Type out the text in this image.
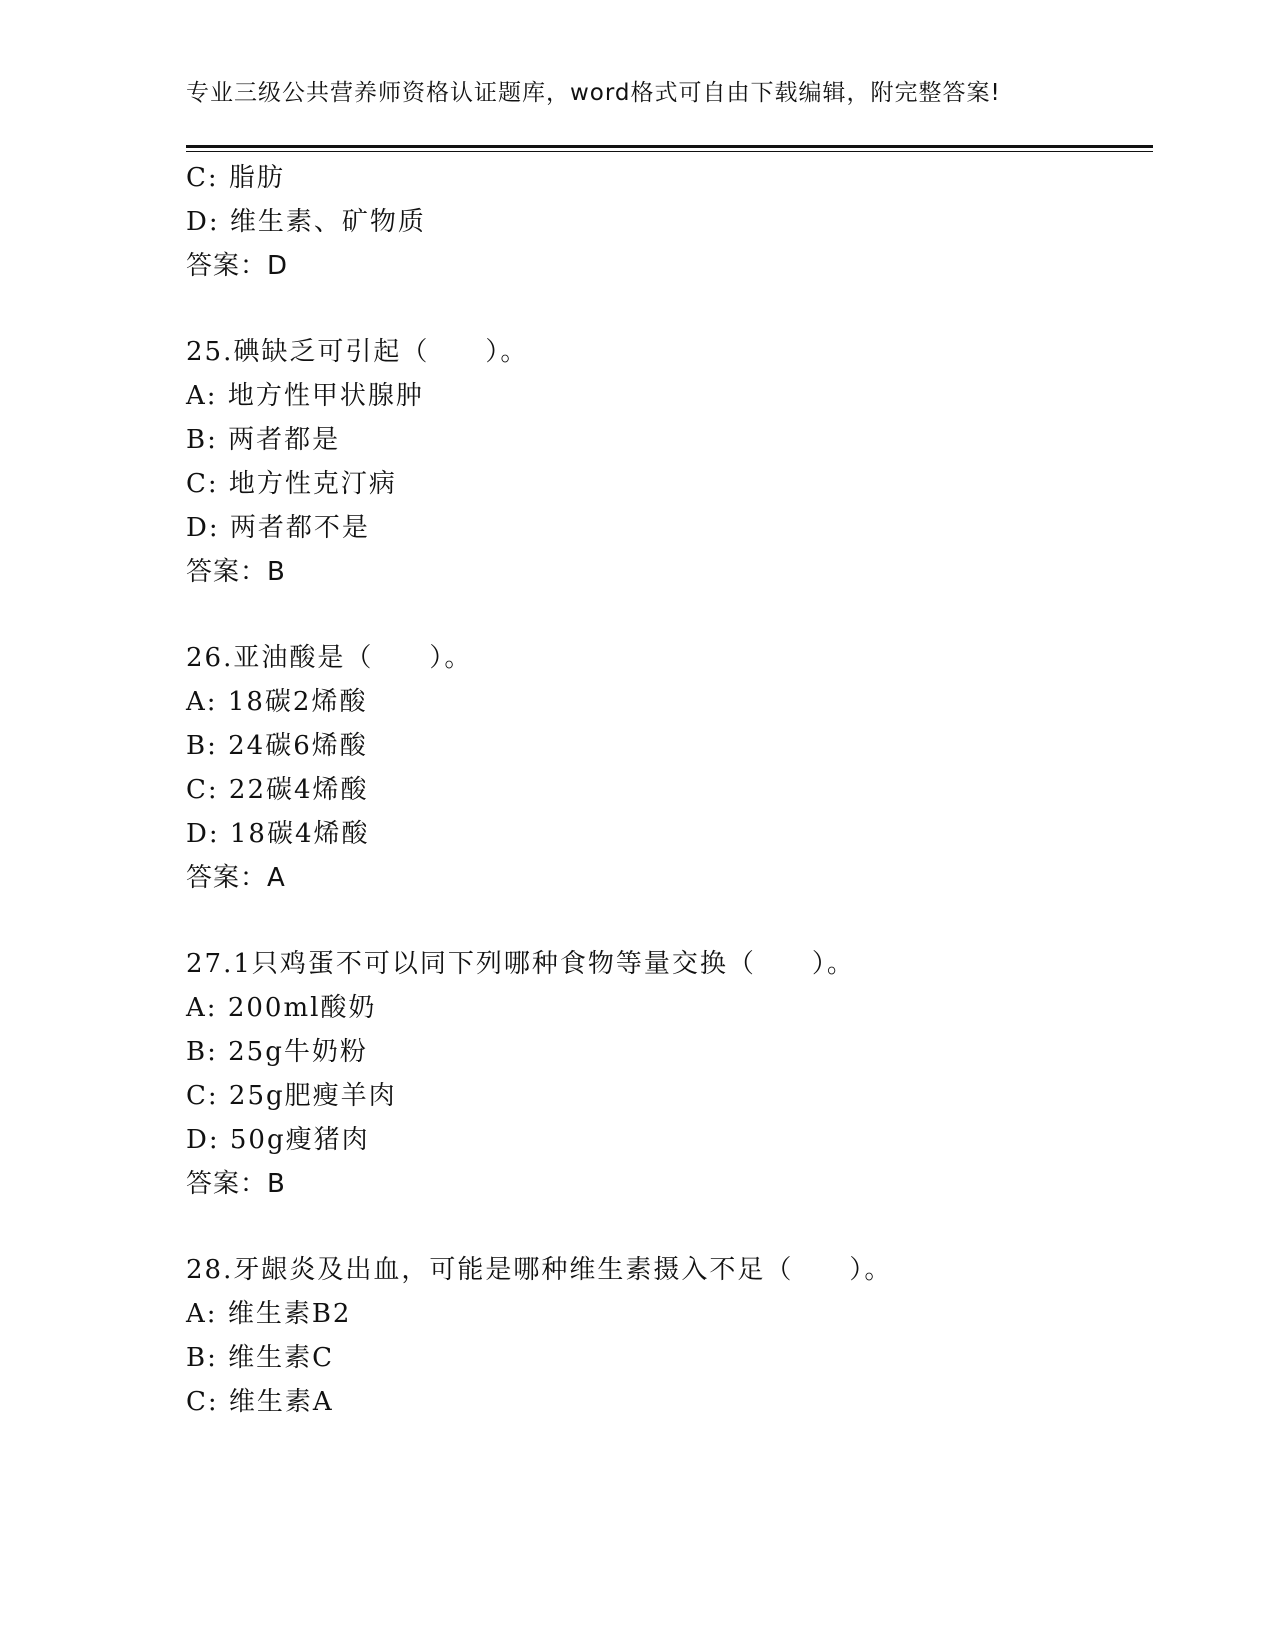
专业三级公共营养师资格认证题库，word格式可自由下载编辑，附完整答案!
C: 脂肪
D: 维生素、矿物质
答案：D
25.碘缺乏可引起（　　）。
A: 地方性甲状腺肿
B: 两者都是
C: 地方性克汀病
D: 两者都不是
答案：B
26.亚油酸是（　　）。
A: 18碳2烯酸
B: 24碳6烯酸
C: 22碳4烯酸
D: 18碳4烯酸
答案：A
27.1只鸡蛋不可以同下列哪种食物等量交换（　　）。
A: 200ml酸奶
B: 25g牛奶粉
C: 25g肥瘦羊肉
D: 50g瘦猪肉
答案：B
28.牙龈炎及出血，可能是哪种维生素摄入不足（　　）。
A: 维生素B2
B: 维生素C
C: 维生素A
